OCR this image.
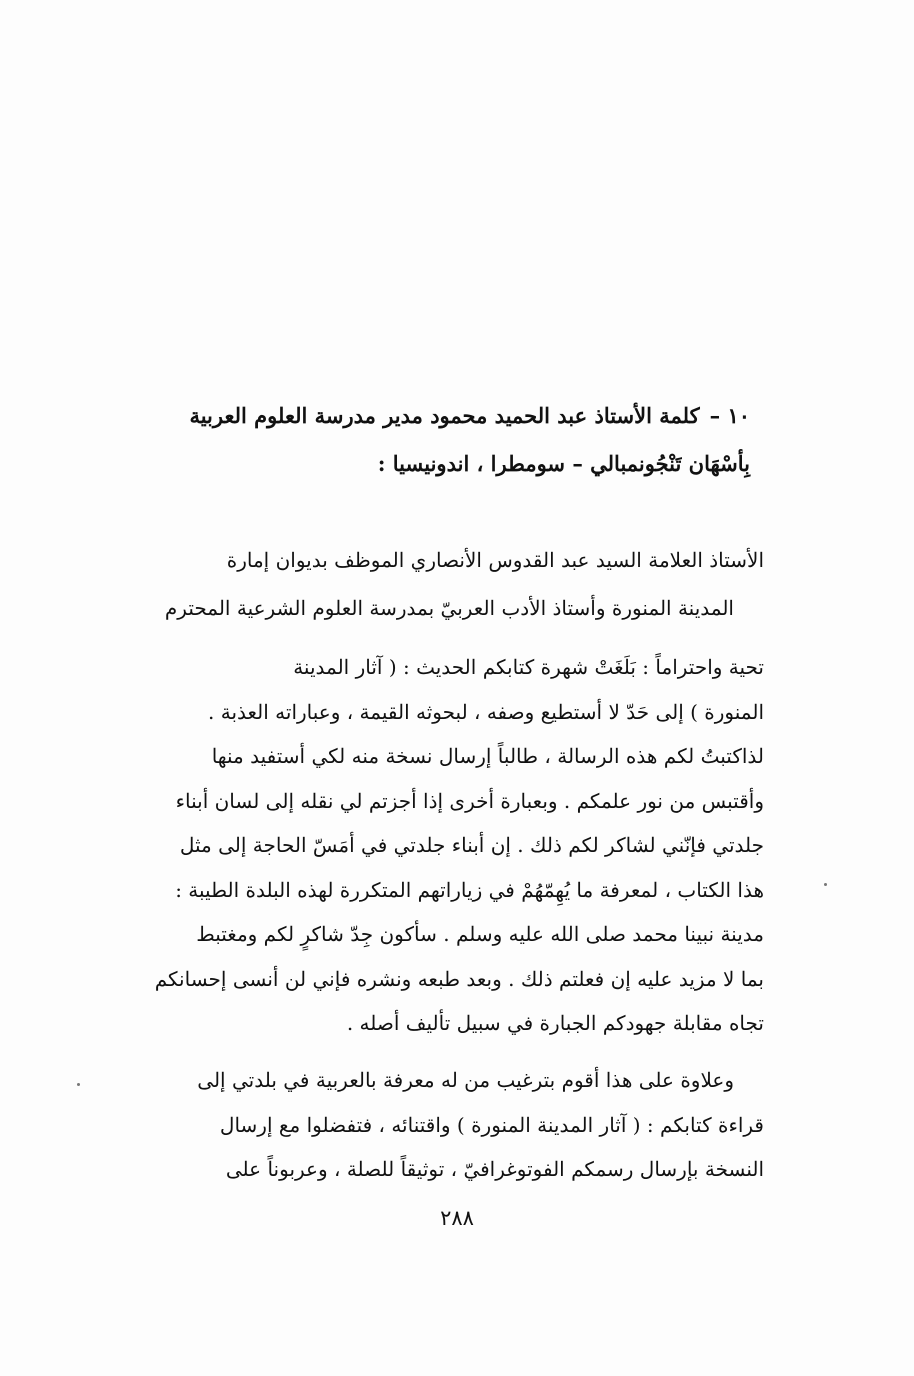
١٠ –كلمة الأستاذ عبد الحميد محمود مدير مدرسة العلوم العربية
بِأسْهَان تَنْجُونمبالي – سومطرا ، اندونيسيا :
الأستاذ العلامة السيد عبد القدوس الأنصاري الموظف بديوان إمارة
المدينة المنورة وأستاذ الأدب العربيّ بمدرسة العلوم الشرعية المحترم
تحية واحتراماً : بَلَغَتْ شهرة كتابكم الحديث : ( آثار المدينة
المنورة ) إلى حَدّ لا أستطيع وصفه ، لبحوثه القيمة ، وعباراته العذبة .
لذاكتبتُ لكم هذه الرسالة ، طالباً إرسال نسخة منه لكي أستفيد منها
وأقتبس من نور علمكم . وبعبارة أخرى إذا أجزتم لي نقله إلى لسان أبناء
جلدتي فإنّني لشاكر لكم ذلك . إن أبناء جلدتي في أمَسّ الحاجة إلى مثل
هذا الكتاب ، لمعرفة ما يُهِمّهُمْ في زياراتهم المتكررة لهذه البلدة الطيبة :
مدينة نبينا محمد صلى الله عليه وسلم . سأكون جِدّ شاكرٍ لكم ومغتبط
بما لا مزيد عليه إن فعلتم ذلك . وبعد طبعه ونشره فإني لن أنسى إحسانكم
تجاه مقابلة جهودكم الجبارة في سبيل تأليف أصله .
وعلاوة على هذا أقوم بترغيب من له معرفة بالعربية في بلدتي إلى
قراءة كتابكم : ( آثار المدينة المنورة ) واقتنائه ، فتفضلوا مع إرسال
النسخة بإرسال رسمكم الفوتوغرافيّ ، توثيقاً للصلة ، وعربوناً على
٢٨٨
